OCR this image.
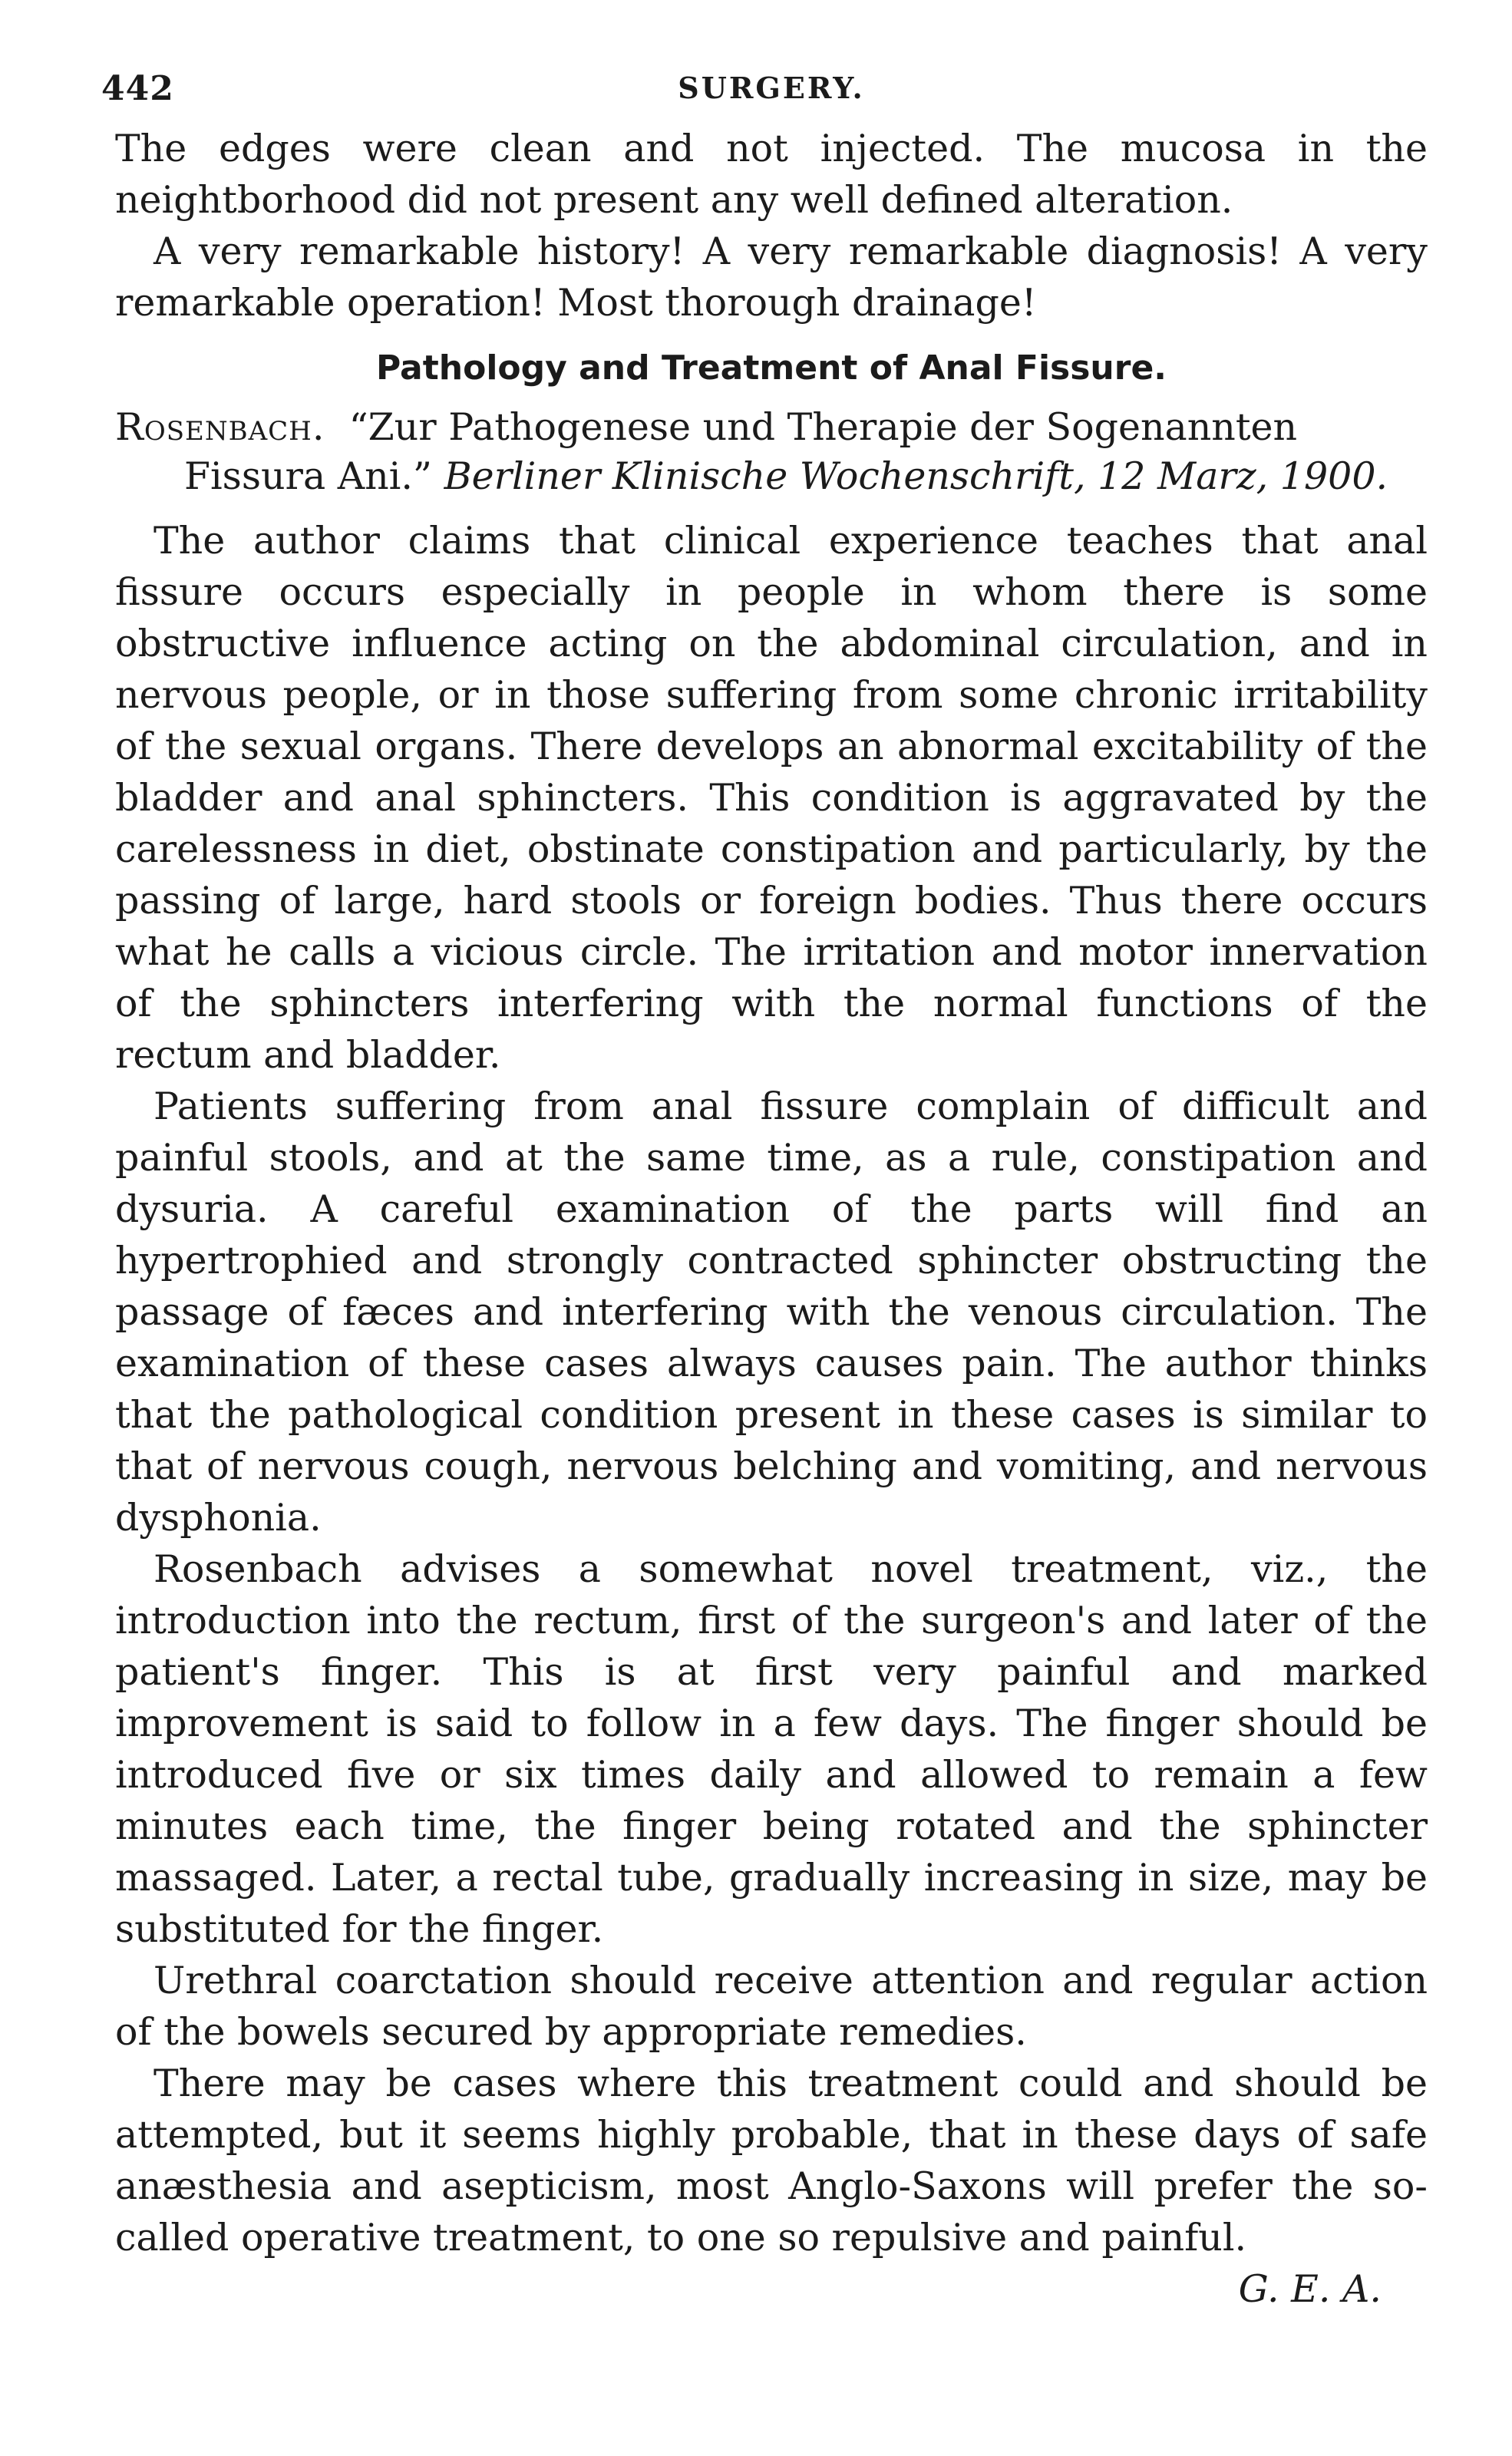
442	SURGERY.

The edges were clean and not injected. The mucosa in the neightborhood did not present any well defined alteration.

A very remarkable history! A very remarkable diagnosis! A very remarkable operation! Most thorough drainage!

Pathology and Treatment of Anal Fissure.

Rosenbach. “Zur Pathogenese und Therapie der Sogenannten Fissura Ani.” Berliner Klinische Wochenschrift, 12 Marz, 1900.

The author claims that clinical experience teaches that anal fissure occurs especially in people in whom there is some obstructive influence acting on the abdominal circulation, and in nervous people, or in those suffering from some chronic irritability of the sexual organs. There develops an abnormal excitability of the bladder and anal sphincters. This condition is aggravated by the carelessness in diet, obstinate constipation and particularly, by the passing of large, hard stools or foreign bodies. Thus there occurs what he calls a vicious circle. The irritation and motor innervation of the sphincters interfering with the normal functions of the rectum and bladder.

Patients suffering from anal fissure complain of difficult and painful stools, and at the same time, as a rule, constipation and dysuria. A careful examination of the parts will find an hypertrophied and strongly contracted sphincter obstructing the passage of fæces and interfering with the venous circulation. The examination of these cases always causes pain. The author thinks that the pathological condition present in these cases is similar to that of nervous cough, nervous belching and vomiting, and nervous dysphonia.

Rosenbach advises a somewhat novel treatment, viz., the introduction into the rectum, first of the surgeon's and later of the patient's finger. This is at first very painful and marked improvement is said to follow in a few days. The finger should be introduced five or six times daily and allowed to remain a few minutes each time, the finger being rotated and the sphincter massaged. Later, a rectal tube, gradually increasing in size, may be substituted for the finger.

Urethral coarctation should receive attention and regular action of the bowels secured by appropriate remedies.

There may be cases where this treatment could and should be attempted, but it seems highly probable, that in these days of safe anæsthesia and asepticism, most Anglo-Saxons will prefer the so-called operative treatment, to one so repulsive and painful.

G. E. A.
